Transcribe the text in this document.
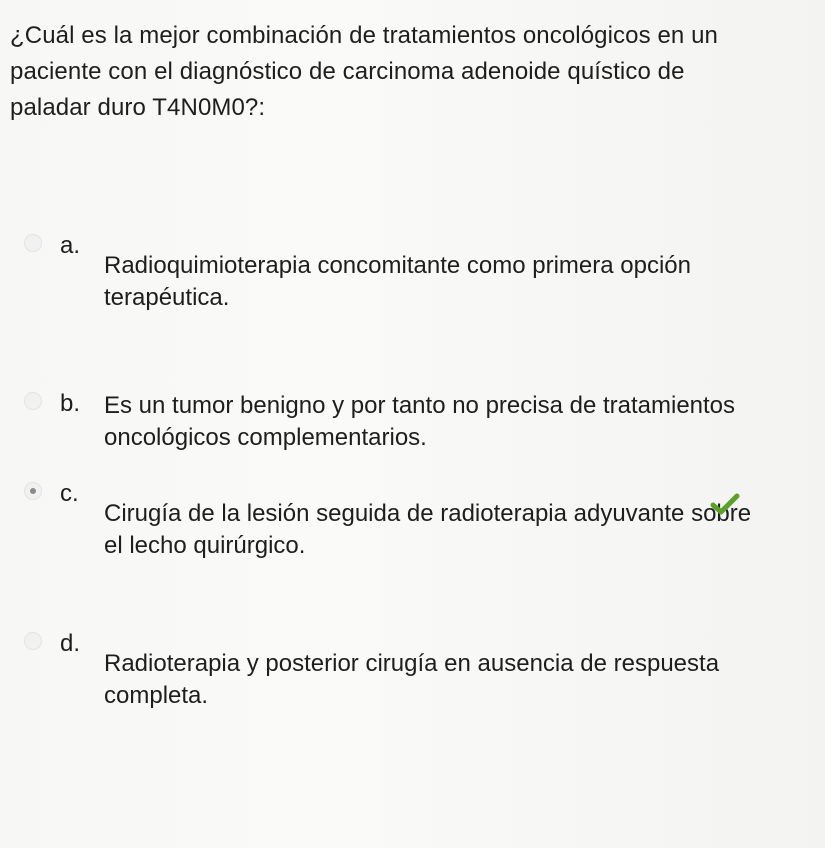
¿Cuál es la mejor combinación de tratamientos oncológicos en un paciente con el diagnóstico de carcinoma adenoide quístico de paladar duro T4N0M0?:
a.
Radioquimioterapia concomitante como primera opción terapéutica.
b. Es un tumor benigno y por tanto no precisa de tratamientos oncológicos complementarios.
c.
Cirugía de la lesión seguida de radioterapia adyuvante sobre el lecho quirúrgico.
d.
Radioterapia y posterior cirugía en ausencia de respuesta completa.
